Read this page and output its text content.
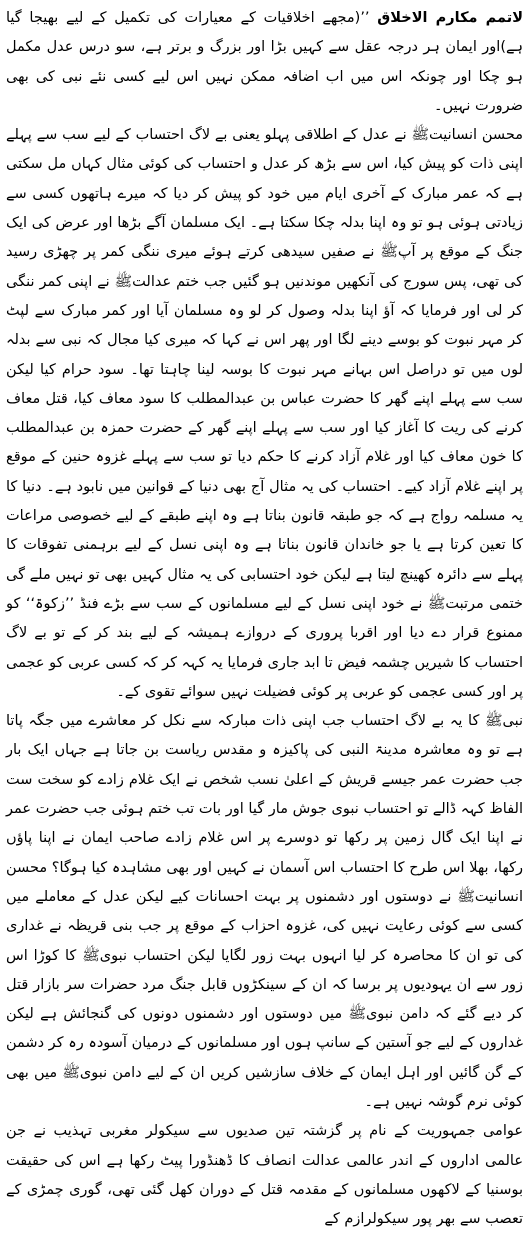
لاتمم مکارم الاخلاق ’’(مجھے اخلاقیات کے معیارات کی تکمیل کے لیے بھیجا گیا ہے)اور ایمان ہر درجہ عقل سے کہیں بڑا اور بزرگ و برتر ہے، سو درس عدل مکمل ہو چکا اور چونکہ اس میں اب اضافہ ممکن نہیں اس لیے کسی نئے نبی کی بھی ضرورت نہیں۔

محسن انسانیتﷺ نے عدل کے اطلاقی پہلو یعنی بے لاگ احتساب کے لیے سب سے پہلے اپنی ذات کو پیش کیا، اس سے بڑھ کر عدل و احتساب کی کوئی مثال کہاں مل سکتی ہے کہ عمر مبارک کے آخری ایام میں خود کو پیش کر دیا کہ میرے ہاتھوں کسی سے زیادتی ہوئی ہو تو وہ اپنا بدلہ چکا سکتا ہے۔ ایک مسلمان آگے بڑھا اور عرض کی ایک جنگ کے موقع پر آپﷺ نے صفیں سیدھی کرتے ہوئے میری ننگی کمر پر چھڑی رسید کی تھی، پس سورج کی آنکھیں موندنیں ہو گئیں جب ختم عدالتﷺ نے اپنی کمر ننگی کر لی اور فرمایا کہ آؤ اپنا بدلہ وصول کر لو وہ مسلمان آیا اور کمر مبارک سے لپٹ کر مہر نبوت کو بوسے دینے لگا اور پھر اس نے کہا کہ میری کیا مجال کہ نبی سے بدلہ لوں میں تو دراصل اس بہانے مہر نبوت کا بوسہ لینا چاہتا تھا۔ سود حرام کیا لیکن سب سے پہلے اپنے گھر کا حضرت عباس بن عبدالمطلب کا سود معاف کیا، قتل معاف کرنے کی ریت کا آغاز کیا اور سب سے پہلے اپنے گھر کے حضرت حمزہ بن عبدالمطلب کا خون معاف کیا اور غلام آزاد کرنے کا حکم دیا تو سب سے پہلے غزوہ حنین کے موقع پر اپنے غلام آزاد کیے۔ احتساب کی یہ مثال آج بھی دنیا کے قوانین میں نابود ہے۔ دنیا کا یہ مسلمہ رواج ہے کہ جو طبقہ قانون بناتا ہے وہ اپنے طبقے کے لیے خصوصی مراعات کا تعین کرتا ہے یا جو خاندان قانون بناتا ہے وہ اپنی نسل کے لیے برہمنی تفوقات کا پہلے سے دائرہ کھینچ لیتا ہے لیکن خود احتسابی کی یہ مثال کہیں بھی تو نہیں ملے گی ختمی مرتبتﷺ نے خود اپنی نسل کے لیے مسلمانوں کے سب سے بڑے فنڈ ’’زکوۃ‘‘ کو ممنوع قرار دے دیا اور اقربا پروری کے دروازے ہمیشہ کے لیے بند کر کے تو بے لاگ احتساب کا شیریں چشمہ فیض تا ابد جاری فرمایا یہ کہہ کر کہ کسی عربی کو عجمی پر اور کسی عجمی کو عربی پر کوئی فضیلت نہیں سوائے تقوی کے۔

نبیﷺ کا یہ بے لاگ احتساب جب اپنی ذات مبارکہ سے نکل کر معاشرے میں جگہ پاتا ہے تو وہ معاشرہ مدینۃ النبی کی پاکیزہ و مقدس ریاست بن جاتا ہے جہاں ایک بار جب حضرت عمر جیسے قریش کے اعلیٰ نسب شخص نے ایک غلام زادے کو سخت ست الفاظ کہہ ڈالے تو احتساب نبوی جوش مار گیا اور بات تب ختم ہوئی جب حضرت عمر نے اپنا ایک گال زمین پر رکھا تو دوسرے پر اس غلام زادے صاحب ایمان نے اپنا پاؤں رکھا، بھلا اس طرح کا احتساب اس آسمان نے کہیں اور بھی مشاہدہ کیا ہوگا؟ محسن انسانیتﷺ نے دوستوں اور دشمنوں پر بہت احسانات کیے لیکن عدل کے معاملے میں کسی سے کوئی رعایت نہیں کی، غزوہ احزاب کے موقع پر جب بنی قریظہ نے غداری کی تو ان کا محاصرہ کر لیا انہوں بہت زور لگایا لیکن احتساب نبویﷺ کا کوڑا اس زور سے ان یہودیوں پر برسا کہ ان کے سینکڑوں قابل جنگ مرد حضرات سر بازار قتل کر دیے گئے کہ دامن نبویﷺ میں دوستوں اور دشمنوں دونوں کی گنجائش ہے لیکن غداروں کے لیے جو آستین کے سانپ ہوں اور مسلمانوں کے درمیان آسودہ رہ کر دشمن کے گن گائیں اور اہل ایمان کے خلاف سازشیں کریں ان کے لیے دامن نبویﷺ میں بھی کوئی نرم گوشہ نہیں ہے۔

عوامی جمہوریت کے نام پر گزشتہ تین صدیوں سے سیکولر مغربی تہذیب نے جن عالمی اداروں کے اندر عالمی عدالت انصاف کا ڈھنڈورا پیٹ رکھا ہے اس کی حقیقت بوسنیا کے لاکھوں مسلمانوں کے مقدمہ قتل کے دوران کھل گئی تھی، گوری چمڑی کے تعصب سے بھر پور سیکولرازم کے
